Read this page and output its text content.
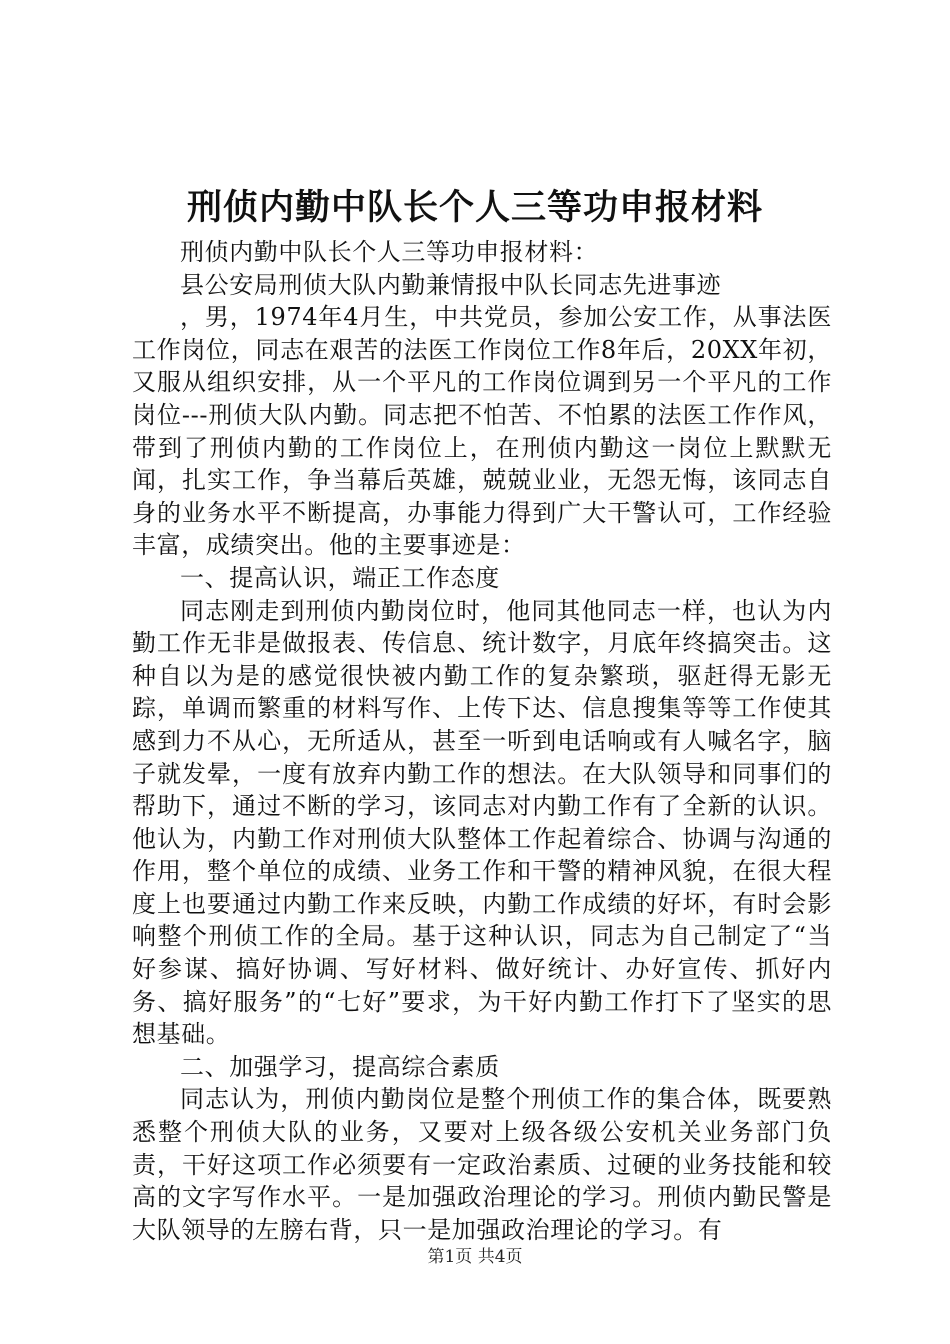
刑侦内勤中队长个人三等功申报材料

刑侦内勤中队长个人三等功申报材料：

县公安局刑侦大队内勤兼情报中队长同志先进事迹

，男，1974年4月生，中共党员，参加公安工作，从事法医工作岗位，同志在艰苦的法医工作岗位工作8年后，20XX年初，又服从组织安排，从一个平凡的工作岗位调到另一个平凡的工作岗位---刑侦大队内勤。同志把不怕苦、不怕累的法医工作作风，带到了刑侦内勤的工作岗位上，在刑侦内勤这一岗位上默默无闻，扎实工作，争当幕后英雄，兢兢业业，无怨无悔，该同志自身的业务水平不断提高，办事能力得到广大干警认可，工作经验丰富，成绩突出。他的主要事迹是：

一、提高认识，端正工作态度

同志刚走到刑侦内勤岗位时，他同其他同志一样，也认为内勤工作无非是做报表、传信息、统计数字，月底年终搞突击。这种自以为是的感觉很快被内勤工作的复杂繁琐，驱赶得无影无踪，单调而繁重的材料写作、上传下达、信息搜集等等工作使其感到力不从心，无所适从，甚至一听到电话响或有人喊名字，脑子就发晕，一度有放弃内勤工作的想法。在大队领导和同事们的帮助下，通过不断的学习，该同志对内勤工作有了全新的认识。他认为，内勤工作对刑侦大队整体工作起着综合、协调与沟通的作用，整个单位的成绩、业务工作和干警的精神风貌，在很大程度上也要通过内勤工作来反映，内勤工作成绩的好坏，有时会影响整个刑侦工作的全局。基于这种认识，同志为自己制定了“当好参谋、搞好协调、写好材料、做好统计、办好宣传、抓好内务、搞好服务”的“七好”要求，为干好内勤工作打下了坚实的思想基础。

二、加强学习，提高综合素质

同志认为，刑侦内勤岗位是整个刑侦工作的集合体，既要熟悉整个刑侦大队的业务，又要对上级各级公安机关业务部门负责，干好这项工作必须要有一定政治素质、过硬的业务技能和较高的文字写作水平。一是加强政治理论的学习。刑侦内勤民警是大队领导的左膀右背，只一是加强政治理论的学习。有

第1页 共4页
